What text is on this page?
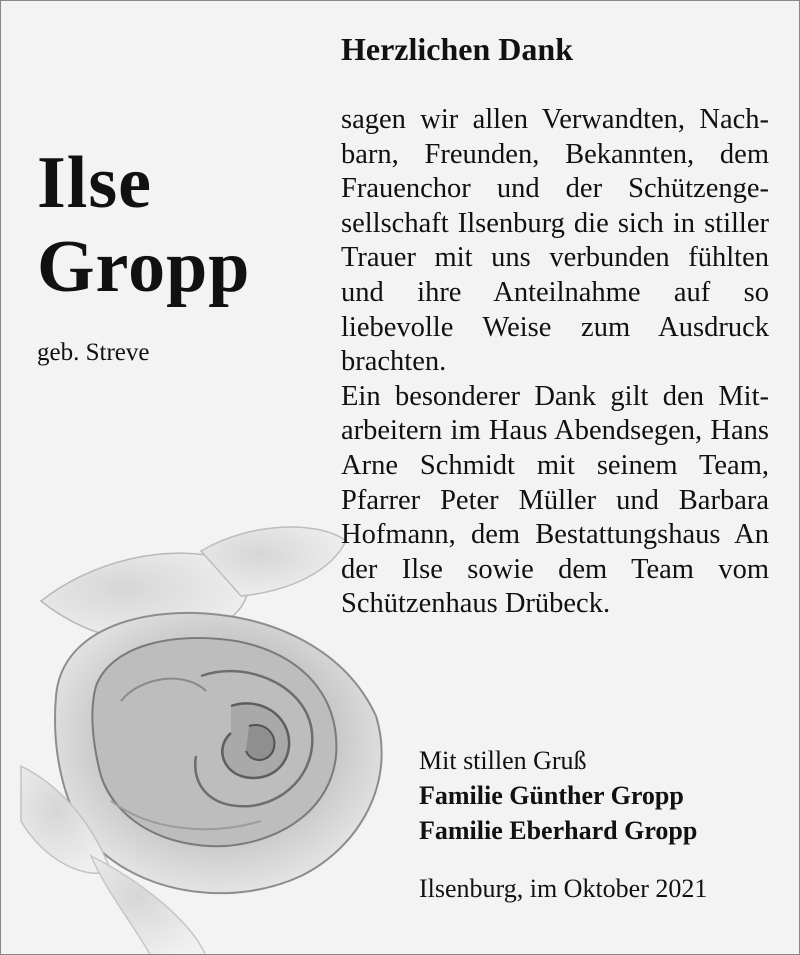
Ilse
Gropp
geb. Streve
Herzlichen Dank

sagen wir allen Verwandten, Nachbarn, Freunden, Bekannten, dem Frauenchor und der Schützengesellschaft Ilsenburg die sich in stiller Trauer mit uns verbunden fühlten und ihre Anteilnahme auf so liebevolle Weise zum Ausdruck brachten.

Ein besonderer Dank gilt den Mitarbeitern im Haus Abendsegen, Hans Arne Schmidt mit seinem Team, Pfarrer Peter Müller und Barbara Hofmann, dem Bestattungshaus An der Ilse sowie dem Team vom Schützenhaus Drübeck.

Mit stillen Gruß
Familie Günther Gropp
Familie Eberhard Gropp
Ilsenburg, im Oktober 2021
